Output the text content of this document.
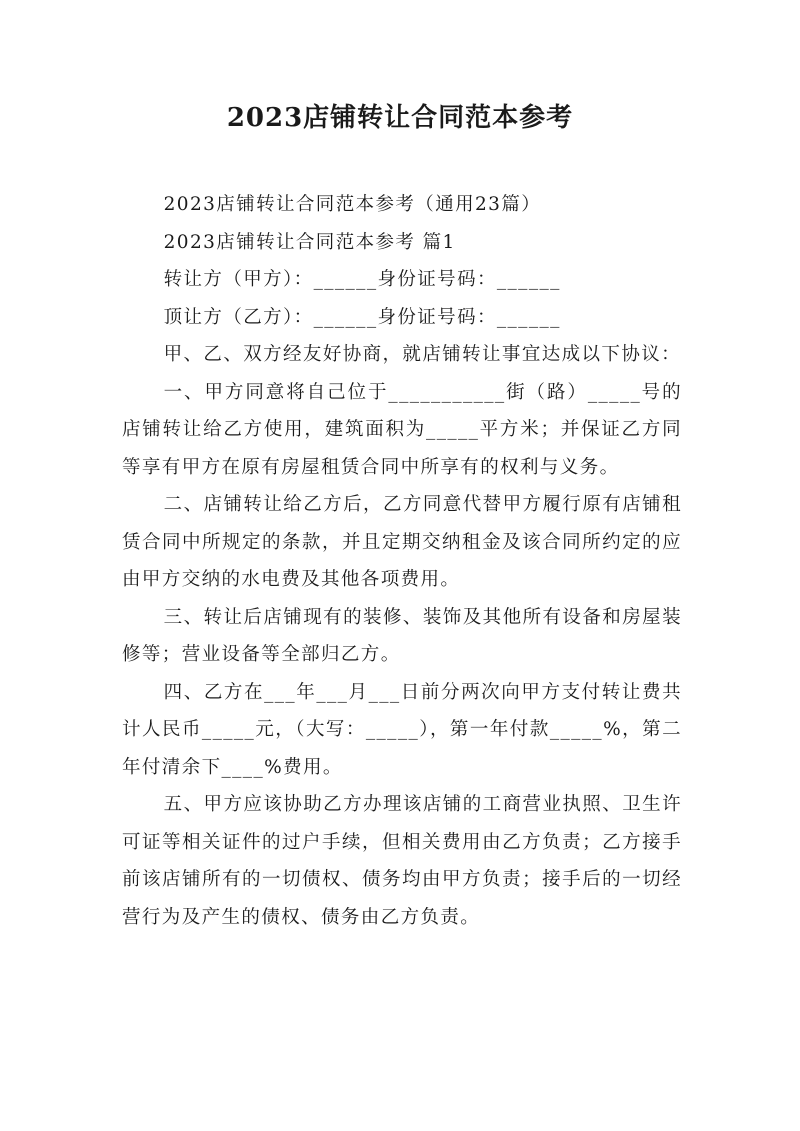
2023店铺转让合同范本参考

2023店铺转让合同范本参考（通用23篇）

2023店铺转让合同范本参考 篇1

转让方（甲方）：______身份证号码：______

顶让方（乙方）：______身份证号码：______

甲、乙、双方经友好协商，就店铺转让事宜达成以下协议：

一、甲方同意将自己位于___________街（路）_____号的店铺转让给乙方使用，建筑面积为_____平方米；并保证乙方同等享有甲方在原有房屋租赁合同中所享有的权利与义务。

二、店铺转让给乙方后，乙方同意代替甲方履行原有店铺租赁合同中所规定的条款，并且定期交纳租金及该合同所约定的应由甲方交纳的水电费及其他各项费用。

三、转让后店铺现有的装修、装饰及其他所有设备和房屋装修等；营业设备等全部归乙方。

四、乙方在___年___月___日前分两次向甲方支付转让费共计人民币_____元，（大写：_____），第一年付款_____%，第二年付清余下____%费用。

五、甲方应该协助乙方办理该店铺的工商营业执照、卫生许可证等相关证件的过户手续，但相关费用由乙方负责；乙方接手前该店铺所有的一切债权、债务均由甲方负责；接手后的一切经营行为及产生的债权、债务由乙方负责。
